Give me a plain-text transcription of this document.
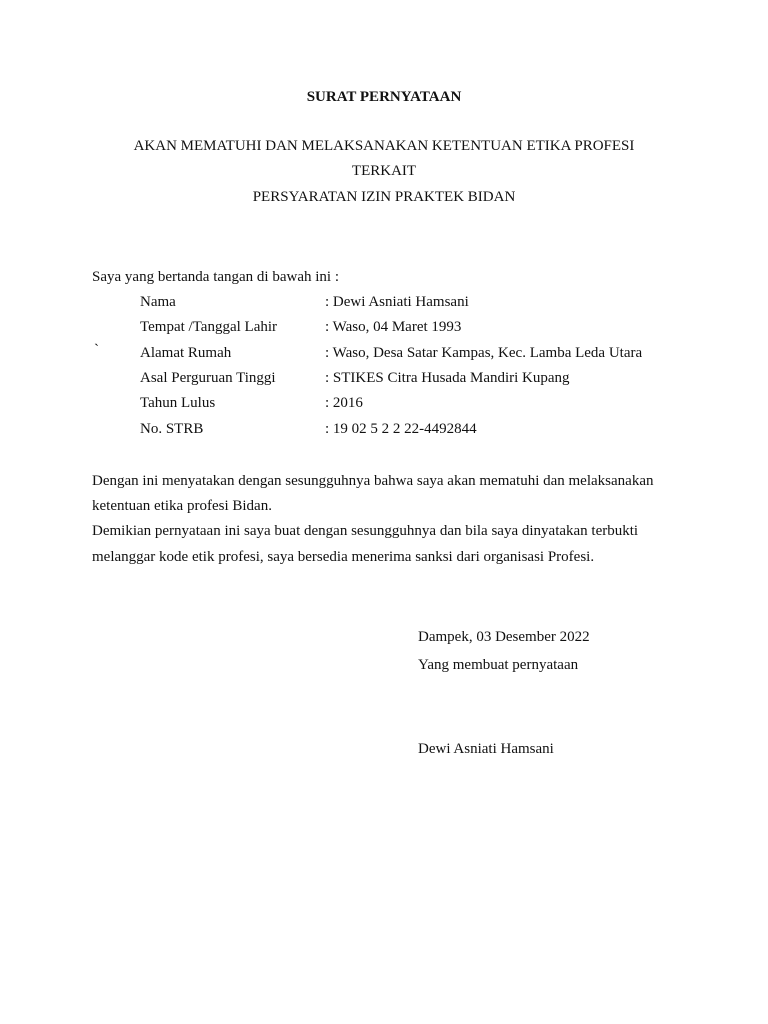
SURAT PERNYATAAN
AKAN MEMATUHI DAN MELAKSANAKAN KETENTUAN ETIKA PROFESI
TERKAIT
PERSYARATAN IZIN PRAKTEK BIDAN
Saya yang bertanda tangan di bawah ini :
Nama	: Dewi Asniati Hamsani
Tempat /Tanggal Lahir	: Waso, 04 Maret 1993
`	Alamat Rumah	: Waso, Desa Satar Kampas, Kec. Lamba Leda Utara
Asal Perguruan Tinggi	: STIKES Citra Husada Mandiri Kupang
Tahun Lulus	: 2016
No. STRB	: 19 02 5 2 2 22-4492844
Dengan ini menyatakan dengan sesungguhnya bahwa saya akan mematuhi dan melaksanakan
ketentuan etika profesi Bidan.
Demikian pernyataan ini saya buat dengan sesungguhnya dan bila saya dinyatakan terbukti
melanggar kode etik profesi, saya bersedia menerima sanksi dari organisasi Profesi.
Dampek, 03 Desember 2022
Yang membuat pernyataan
Dewi Asniati Hamsani
